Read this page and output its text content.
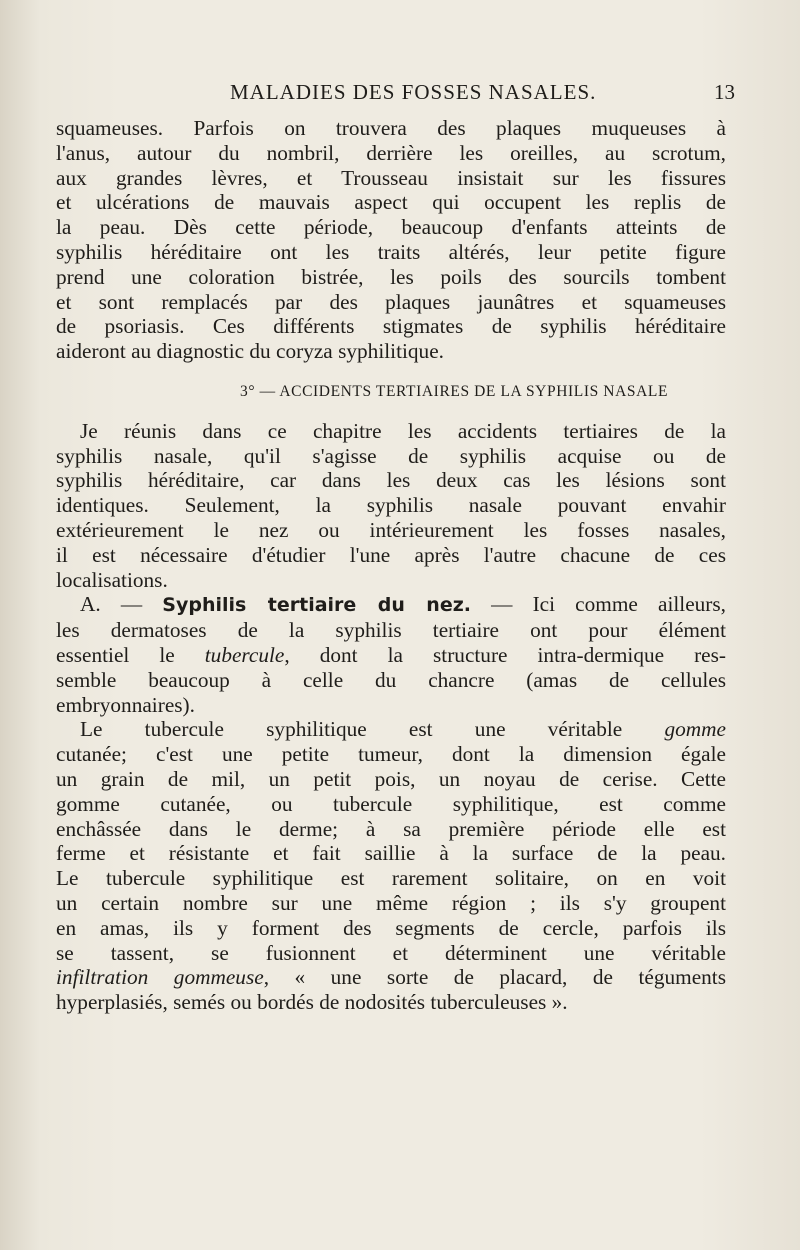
MALADIES DES FOSSES NASALES.	13
squameuses. Parfois on trouvera des plaques muqueuses à
l'anus, autour du nombril, derrière les oreilles, au scrotum,
aux grandes lèvres, et Trousseau insistait sur les fissures
et ulcérations de mauvais aspect qui occupent les replis de
la peau. Dès cette période, beaucoup d'enfants atteints de
syphilis héréditaire ont les traits altérés, leur petite figure
prend une coloration bistrée, les poils des sourcils tombent
et sont remplacés par des plaques jaunâtres et squameuses
de psoriasis. Ces différents stigmates de syphilis héréditaire
aideront au diagnostic du coryza syphilitique.
3° — ACCIDENTS TERTIAIRES DE LA SYPHILIS NASALE
Je réunis dans ce chapitre les accidents tertiaires de la
syphilis nasale, qu'il s'agisse de syphilis acquise ou de
syphilis héréditaire, car dans les deux cas les lésions sont
identiques. Seulement, la syphilis nasale pouvant envahir
extérieurement le nez ou intérieurement les fosses nasales,
il est nécessaire d'étudier l'une après l'autre chacune de ces
localisations.
A. — Syphilis tertiaire du nez. — Ici comme ailleurs,
les dermatoses de la syphilis tertiaire ont pour élément
essentiel le tubercule, dont la structure intra-dermique res-
semble beaucoup à celle du chancre (amas de cellules
embryonnaires).
Le tubercule syphilitique est une véritable gomme
cutanée; c'est une petite tumeur, dont la dimension égale
un grain de mil, un petit pois, un noyau de cerise. Cette
gomme cutanée, ou tubercule syphilitique, est comme
enchâssée dans le derme; à sa première période elle est
ferme et résistante et fait saillie à la surface de la peau.
Le tubercule syphilitique est rarement solitaire, on en voit
un certain nombre sur une même région ; ils s'y groupent
en amas, ils y forment des segments de cercle, parfois ils
se tassent, se fusionnent et déterminent une véritable
infiltration gommeuse, « une sorte de placard, de téguments
hyperplasiés, semés ou bordés de nodosités tuberculeuses ».
